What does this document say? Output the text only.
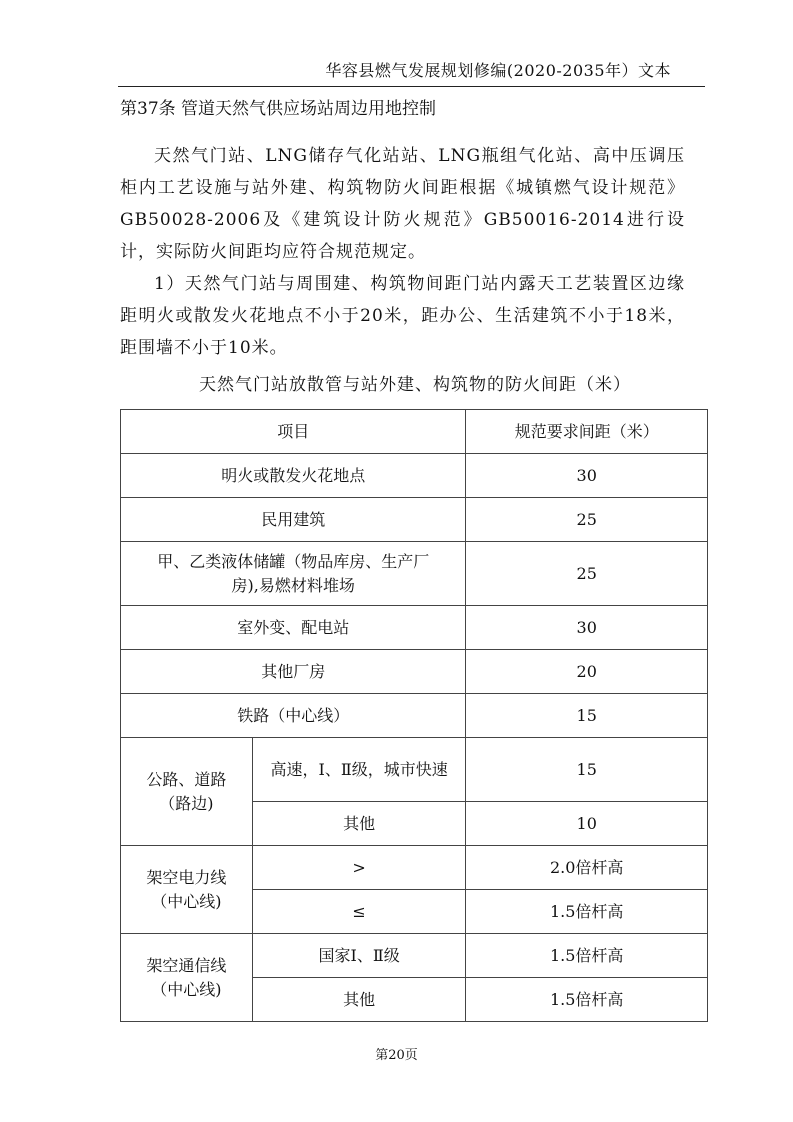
华容县燃气发展规划修编(2020-2035年）文本
第37条 管道天然气供应场站周边用地控制
天然气门站、LNG储存气化站站、LNG瓶组气化站、高中压调压柜内工艺设施与站外建、构筑物防火间距根据《城镇燃气设计规范》GB50028-2006及《建筑设计防火规范》GB50016-2014进行设计，实际防火间距均应符合规范规定。
1）天然气门站与周围建、构筑物间距门站内露天工艺装置区边缘距明火或散发火花地点不小于20米，距办公、生活建筑不小于18米，距围墙不小于10米。
天然气门站放散管与站外建、构筑物的防火间距（米）
项目		规范要求间距（米）
明火或散发火花地点		30
民用建筑		25
甲、乙类液体储罐（物品库房、生产厂房),易燃材料堆场		25
室外变、配电站		30
其他厂房		20
铁路（中心线）		15
公路、道路（路边)	高速，Ⅰ、Ⅱ级，城市快速	15
	其他	10
架空电力线（中心线)	>	2.0倍杆高
	≤	1.5倍杆高
架空通信线（中心线)	国家Ⅰ、Ⅱ级	1.5倍杆高
	其他	1.5倍杆高
第20页
